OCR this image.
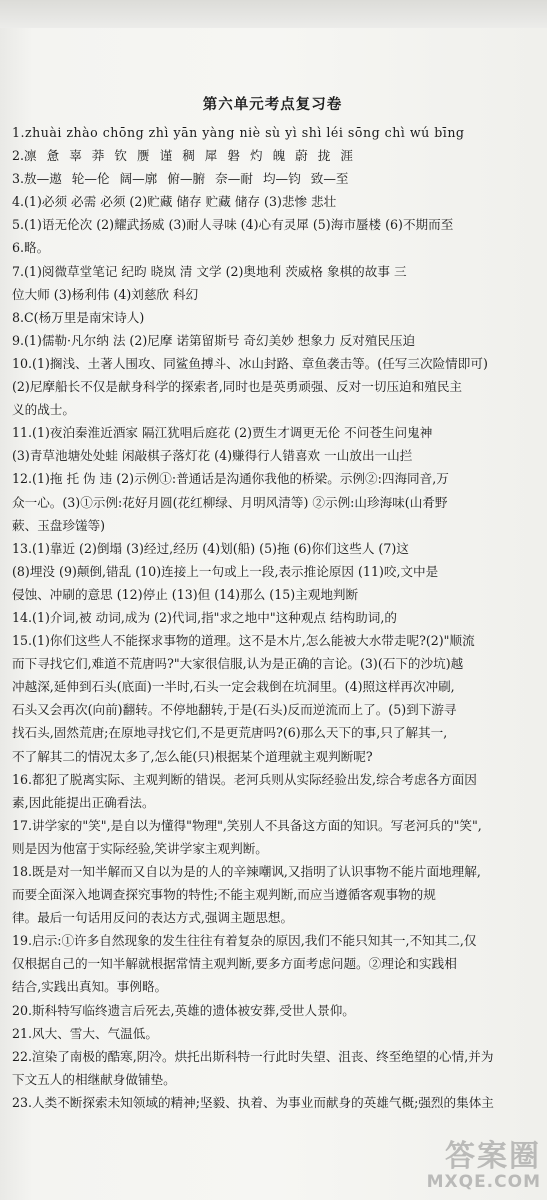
第六单元考点复习卷
1.zhuài zhào chōng zhì yān yàng niè sù yì shì léi sōng chì wú bīng
2.凛 惫 辜 莽 钦 赝 谨 稠 犀 磐 灼 魄 蔚 拢 涯
3.敖—遨 轮—伦 阔—廓 俯—腑 奈—耐 均—钧 致—至
4.(1)必须 必需 必须 (2)贮藏 储存 贮藏 储存 (3)悲惨 悲壮
5.(1)语无伦次 (2)耀武扬威 (3)耐人寻味 (4)心有灵犀 (5)海市蜃楼 (6)不期而至
6.略。
7.(1)阅微草堂笔记 纪昀 晓岚 清 文学 (2)奥地利 茨威格 象棋的故事 三
位大师 (3)杨利伟 (4)刘慈欣 科幻
8.C(杨万里是南宋诗人)
9.(1)儒勒·凡尔纳 法 (2)尼摩 诺第留斯号 奇幻美妙 想象力 反对殖民压迫
10.(1)搁浅、土著人围攻、同鲨鱼搏斗、冰山封路、章鱼袭击等。(任写三次险情即可)
(2)尼摩船长不仅是献身科学的探索者,同时也是英勇顽强、反对一切压迫和殖民主
义的战士。
11.(1)夜泊秦淮近酒家 隔江犹唱后庭花 (2)贾生才调更无伦 不问苍生问鬼神
(3)青草池塘处处蛙 闲敲棋子落灯花 (4)赚得行人错喜欢 一山放出一山拦
12.(1)拖 托 伪 违 (2)示例①:普通话是沟通你我他的桥梁。示例②:四海同音,万
众一心。(3)①示例:花好月圆(花红柳绿、月明风清等) ②示例:山珍海味(山肴野
蔌、玉盘珍馐等)
13.(1)靠近 (2)倒塌 (3)经过,经历 (4)划(船) (5)拖 (6)你们这些人 (7)这
(8)埋没 (9)颠倒,错乱 (10)连接上一句或上一段,表示推论原因 (11)咬,文中是
侵蚀、冲刷的意思 (12)停止 (13)但 (14)那么 (15)主观地判断
14.(1)介词,被 动词,成为 (2)代词,指"求之地中"这种观点 结构助词,的
15.(1)你们这些人不能探求事物的道理。这不是木片,怎么能被大水带走呢?(2)"顺流
而下寻找它们,难道不荒唐吗?"大家很信服,认为是正确的言论。(3)(石下的沙坑)越
冲越深,延伸到石头(底面)一半时,石头一定会栽倒在坑洞里。(4)照这样再次冲刷,
石头又会再次(向前)翻转。不停地翻转,于是(石头)反而逆流而上了。(5)到下游寻
找石头,固然荒唐;在原地寻找它们,不是更荒唐吗?(6)那么天下的事,只了解其一,
不了解其二的情况太多了,怎么能(只)根据某个道理就主观判断呢?
16.都犯了脱离实际、主观判断的错误。老河兵则从实际经验出发,综合考虑各方面因
素,因此能提出正确看法。
17.讲学家的"笑",是自以为懂得"物理",笑别人不具备这方面的知识。写老河兵的"笑",
则是因为他富于实际经验,笑讲学家主观判断。
18.既是对一知半解而又自以为是的人的辛辣嘲讽,又指明了认识事物不能片面地理解,
而要全面深入地调查探究事物的特性;不能主观判断,而应当遵循客观事物的规
律。最后一句话用反问的表达方式,强调主题思想。
19.启示:①许多自然现象的发生往往有着复杂的原因,我们不能只知其一,不知其二,仅
仅根据自己的一知半解就根据常情主观判断,要多方面考虑问题。②理论和实践相
结合,实践出真知。事例略。
20.斯科特写临终遗言后死去,英雄的遗体被安葬,受世人景仰。
21.风大、雪大、气温低。
22.渲染了南极的酷寒,阴冷。烘托出斯科特一行此时失望、沮丧、终至绝望的心情,并为
下文五人的相继献身做铺垫。
23.人类不断探索未知领域的精神;坚毅、执着、为事业而献身的英雄气概;强烈的集体主
答案圈
MXQE.COM
